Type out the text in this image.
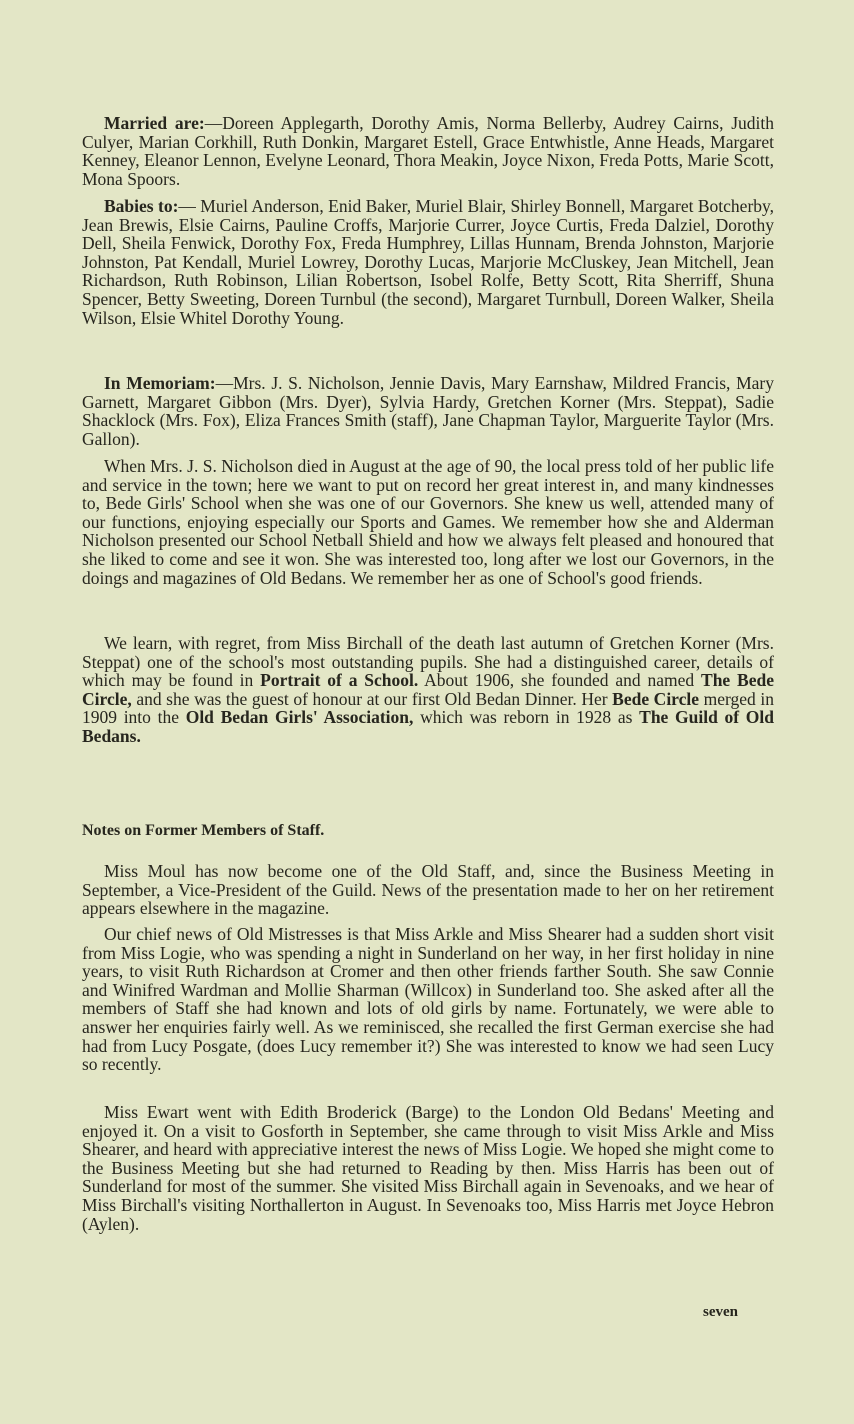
Married are:—Doreen Applegarth, Dorothy Amis, Norma Bellerby, Audrey Cairns, Judith Culyer, Marian Corkhill, Ruth Donkin, Margaret Estell, Grace Entwhistle, Anne Heads, Margaret Kenney, Eleanor Lennon, Evelyne Leonard, Thora Meakin, Joyce Nixon, Freda Potts, Marie Scott, Mona Spoors.

Babies to:— Muriel Anderson, Enid Baker, Muriel Blair, Shirley Bonnell, Margaret Botcherby, Jean Brewis, Elsie Cairns, Pauline Croffs, Marjorie Currer, Joyce Curtis, Freda Dalziel, Dorothy Dell, Sheila Fenwick, Dorothy Fox, Freda Humphrey, Lillas Hunnam, Brenda Johnston, Marjorie Johnston, Pat Kendall, Muriel Lowrey, Dorothy Lucas, Marjorie McCluskey, Jean Mitchell, Jean Richardson, Ruth Robinson, Lilian Robertson, Isobel Rolfe, Betty Scott, Rita Sherriff, Shuna Spencer, Betty Sweeting, Doreen Turnbul (the second), Margaret Turnbull, Doreen Walker, Sheila Wilson, Elsie Whitel Dorothy Young.

In Memoriam:—Mrs. J. S. Nicholson, Jennie Davis, Mary Earnshaw, Mildred Francis, Mary Garnett, Margaret Gibbon (Mrs. Dyer), Sylvia Hardy, Gretchen Korner (Mrs. Steppat), Sadie Shacklock (Mrs. Fox), Eliza Frances Smith (staff), Jane Chapman Taylor, Marguerite Taylor (Mrs. Gallon).

When Mrs. J. S. Nicholson died in August at the age of 90, the local press told of her public life and service in the town; here we want to put on record her great interest in, and many kindnesses to, Bede Girls' School when she was one of our Governors. She knew us well, attended many of our functions, enjoying especially our Sports and Games. We remember how she and Alderman Nicholson presented our School Netball Shield and how we always felt pleased and honoured that she liked to come and see it won. She was interested too, long after we lost our Governors, in the doings and magazines of Old Bedans. We remember her as one of School's good friends.

We learn, with regret, from Miss Birchall of the death last autumn of Gretchen Korner (Mrs. Steppat) one of the school's most outstanding pupils. She had a distinguished career, details of which may be found in Portrait of a School. About 1906, she founded and named The Bede Circle, and she was the guest of honour at our first Old Bedan Dinner. Her Bede Circle merged in 1909 into the Old Bedan Girls' Association, which was reborn in 1928 as The Guild of Old Bedans.

Notes on Former Members of Staff.

Miss Moul has now become one of the Old Staff, and, since the Business Meeting in September, a Vice-President of the Guild. News of the presentation made to her on her retirement appears elsewhere in the magazine.

Our chief news of Old Mistresses is that Miss Arkle and Miss Shearer had a sudden short visit from Miss Logie, who was spending a night in Sunderland on her way, in her first holiday in nine years, to visit Ruth Richardson at Cromer and then other friends farther South. She saw Connie and Winifred Wardman and Mollie Sharman (Willcox) in Sunderland too. She asked after all the members of Staff she had known and lots of old girls by name. Fortunately, we were able to answer her enquiries fairly well. As we reminisced, she recalled the first German exercise she had had from Lucy Posgate, (does Lucy remember it?) She was interested to know we had seen Lucy so recently.

Miss Ewart went with Edith Broderick (Barge) to the London Old Bedans' Meeting and enjoyed it. On a visit to Gosforth in September, she came through to visit Miss Arkle and Miss Shearer, and heard with appreciative interest the news of Miss Logie. We hoped she might come to the Business Meeting but she had returned to Reading by then. Miss Harris has been out of Sunderland for most of the summer. She visited Miss Birchall again in Sevenoaks, and we hear of Miss Birchall's visiting Northallerton in August. In Sevenoaks too, Miss Harris met Joyce Hebron (Aylen).

seven
